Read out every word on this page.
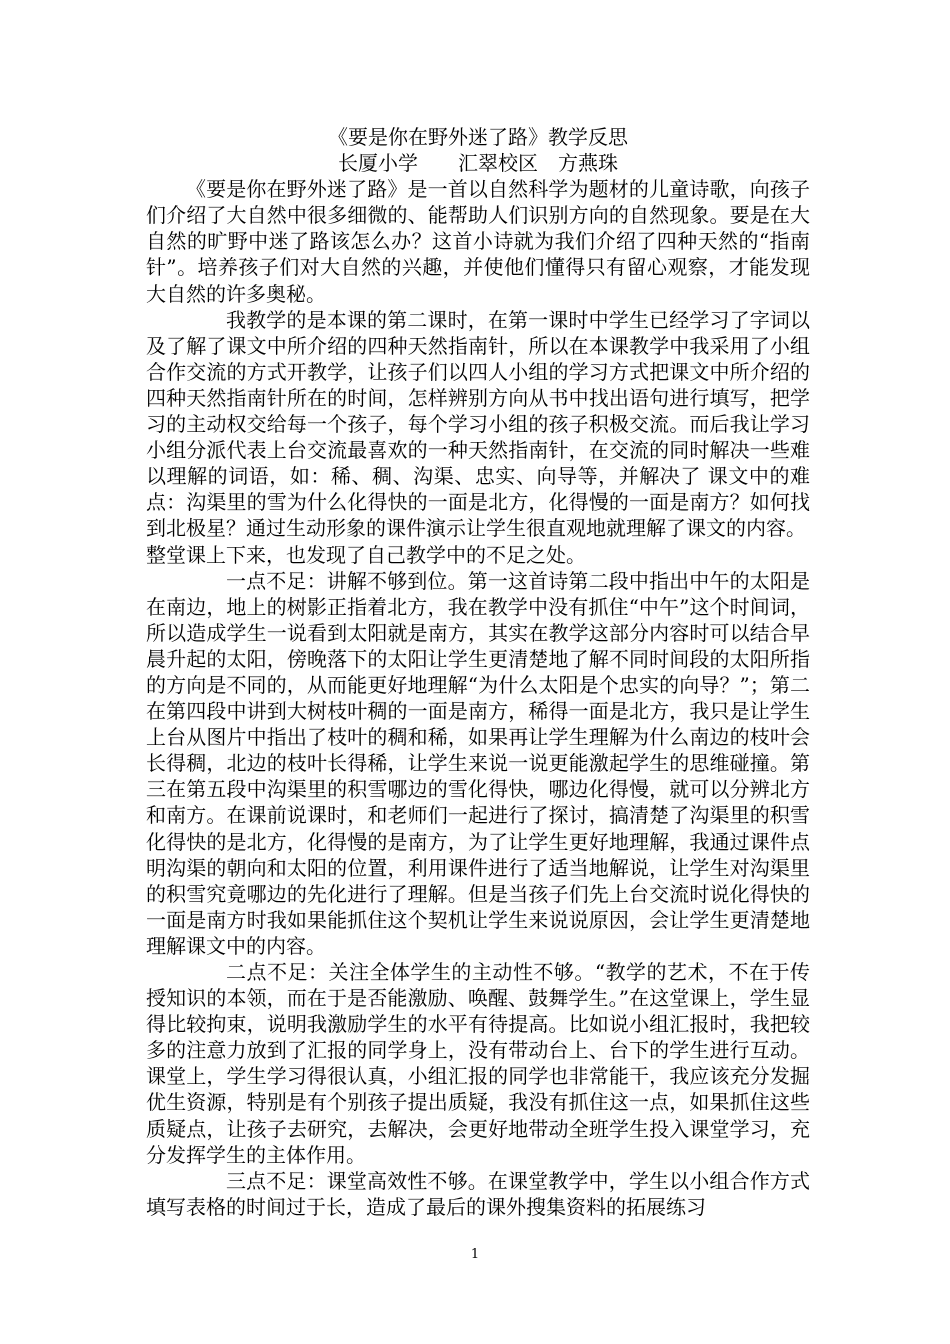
《要是你在野外迷了路》教学反思
长厦小学　　汇翠校区　方燕珠

《要是你在野外迷了路》是一首以自然科学为题材的儿童诗歌，向孩子们介绍了大自然中很多细微的、能帮助人们识别方向的自然现象。要是在大自然的旷野中迷了路该怎么办？这首小诗就为我们介绍了四种天然的“指南针”。培养孩子们对大自然的兴趣，并使他们懂得只有留心观察，才能发现大自然的许多奥秘。

我教学的是本课的第二课时，在第一课时中学生已经学习了字词以及了解了课文中所介绍的四种天然指南针，所以在本课教学中我采用了小组合作交流的方式开教学，让孩子们以四人小组的学习方式把课文中所介绍的四种天然指南针所在的时间，怎样辨别方向从书中找出语句进行填写，把学习的主动权交给每一个孩子，每个学习小组的孩子积极交流。而后我让学习小组分派代表上台交流最喜欢的一种天然指南针，在交流的同时解决一些难以理解的词语，如：稀、稠、沟渠、忠实、向导等，并解决了 课文中的难点：沟渠里的雪为什么化得快的一面是北方，化得慢的一面是南方？如何找到北极星？通过生动形象的课件演示让学生很直观地就理解了课文的内容。

整堂课上下来，也发现了自己教学中的不足之处。

一点不足：讲解不够到位。第一这首诗第二段中指出中午的太阳是在南边，地上的树影正指着北方，我在教学中没有抓住“中午”这个时间词，所以造成学生一说看到太阳就是南方，其实在教学这部分内容时可以结合早晨升起的太阳，傍晚落下的太阳让学生更清楚地了解不同时间段的太阳所指的方向是不同的，从而能更好地理解“为什么太阳是个忠实的向导？”；第二在第四段中讲到大树枝叶稠的一面是南方，稀得一面是北方，我只是让学生上台从图片中指出了枝叶的稠和稀，如果再让学生理解为什么南边的枝叶会长得稠，北边的枝叶长得稀，让学生来说一说更能激起学生的思维碰撞。第三在第五段中沟渠里的积雪哪边的雪化得快，哪边化得慢，就可以分辨北方和南方。在课前说课时，和老师们一起进行了探讨，搞清楚了沟渠里的积雪化得快的是北方，化得慢的是南方，为了让学生更好地理解，我通过课件点明沟渠的朝向和太阳的位置，利用课件进行了适当地解说，让学生对沟渠里的积雪究竟哪边的先化进行了理解。但是当孩子们先上台交流时说化得快的一面是南方时我如果能抓住这个契机让学生来说说原因，会让学生更清楚地理解课文中的内容。

二点不足：关注全体学生的主动性不够。“教学的艺术，不在于传授知识的本领，而在于是否能激励、唤醒、鼓舞学生。”在这堂课上，学生显得比较拘束，说明我激励学生的水平有待提高。比如说小组汇报时，我把较多的注意力放到了汇报的同学身上，没有带动台上、台下的学生进行互动。课堂上，学生学习得很认真，小组汇报的同学也非常能干，我应该充分发掘优生资源，特别是有个别孩子提出质疑，我没有抓住这一点，如果抓住这些质疑点，让孩子去研究，去解决，会更好地带动全班学生投入课堂学习，充分发挥学生的主体作用。

三点不足：课堂高效性不够。在课堂教学中，学生以小组合作方式填写表格的时间过于长，造成了最后的课外搜集资料的拓展练习

1
